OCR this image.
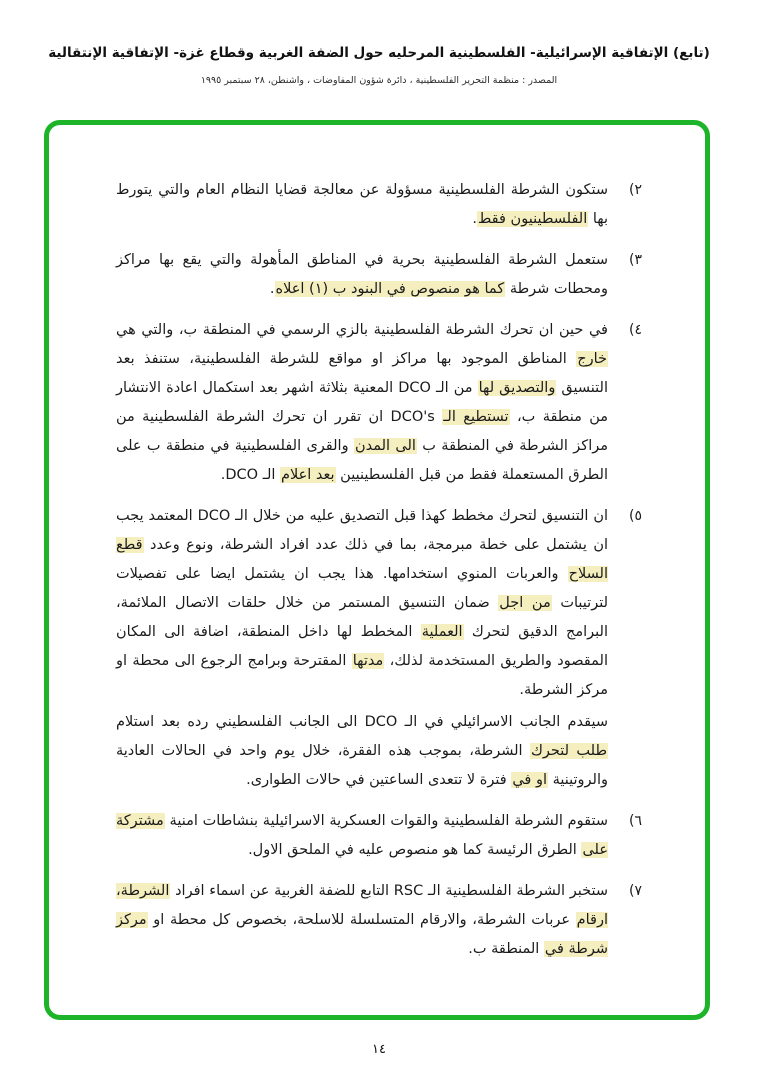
(تابع) الإتفاقية الإسرائيلية- الفلسطينية المرحليه حول الضفة الغربية وقطاع غزة- الإتفاقية الإنتقالية
المصدر : منظمة التحرير الفلسطينية ، دائرة شؤون المفاوضات ، واشنطن، ٢٨ سبتمبر ١٩٩٥
(٢

ستكون الشرطة الفلسطينية مسؤولة عن معالجة قضايا النظام العام والتي يتورط بها الفلسطينيون فقط.

(٣

ستعمل الشرطة الفلسطينية بحرية في المناطق المأهولة والتي يقع بها مراكز ومحطات شرطة كما هو منصوص في البنود ب (١) اعلاه.

(٤

في حين ان تحرك الشرطة الفلسطينية بالزي الرسمي في المنطقة ب، والتي هي خارج المناطق الموجود بها مراكز او مواقع للشرطة الفلسطينية، ستنفذ بعد التنسيق والتصديق لها من الـ DCO المعنية بثلاثة اشهر بعد استكمال اعادة الانتشار من منطقة ب، تستطيع الـ DCO's ان تقرر ان تحرك الشرطة الفلسطينية من مراكز الشرطة في المنطقة ب الى المدن والقرى الفلسطينية في منطقة ب على الطرق المستعملة فقط من قبل الفلسطينيين بعد اعلام الـ DCO.

(٥

ان التنسيق لتحرك مخطط كهذا قبل التصديق عليه من خلال الـ DCO المعتمد يجب ان يشتمل على خطة مبرمجة، بما في ذلك عدد افراد الشرطة، ونوع وعدد قطع السلاح والعربات المنوي استخدامها. هذا يجب ان يشتمل ايضا على تفصيلات لترتيبات من اجل ضمان التنسيق المستمر من خلال حلقات الاتصال الملائمة، البرامج الدقيق لتحرك العملية المخطط لها داخل المنطقة، اضافة الى المكان المقصود والطريق المستخدمة لذلك، مدتها المقترحة وبرامج الرجوع الى محطة او مركز الشرطة.

سيقدم الجانب الاسرائيلي في الـ DCO الى الجانب الفلسطيني رده بعد استلام طلب لتحرك الشرطة، بموجب هذه الفقرة، خلال يوم واحد في الحالات العادية والروتينية او في فترة لا تتعدى الساعتين في حالات الطوارى.

(٦

ستقوم الشرطة الفلسطينية والقوات العسكرية الاسرائيلية بنشاطات امنية مشتركة على الطرق الرئيسة كما هو منصوص عليه في الملحق الاول.

(٧

ستخبر الشرطة الفلسطينية الـ RSC التابع للضفة الغربية عن اسماء افراد الشرطة، ارقام عربات الشرطة، والارقام المتسلسلة للاسلحة، بخصوص كل محطة او مركز شرطة في المنطقة ب.

١٤
